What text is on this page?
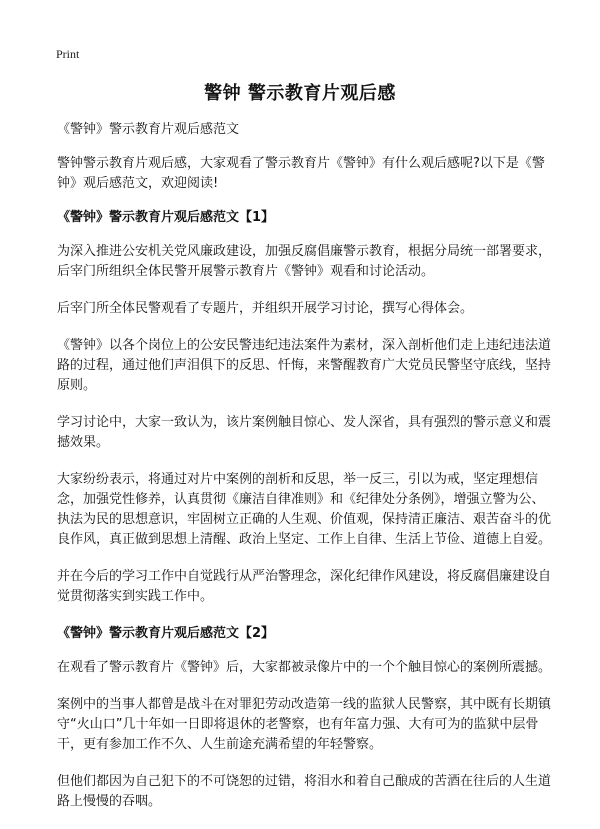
Print
警钟 警示教育片观后感

《警钟》警示教育片观后感范文

警钟警示教育片观后感，大家观看了警示教育片《警钟》有什么观后感呢?以下是《警钟》观后感范文，欢迎阅读!

《警钟》警示教育片观后感范文【1】

为深入推进公安机关党风廉政建设，加强反腐倡廉警示教育，根据分局统一部署要求，后宰门所组织全体民警开展警示教育片《警钟》观看和讨论活动。

后宰门所全体民警观看了专题片，并组织开展学习讨论，撰写心得体会。

《警钟》以各个岗位上的公安民警违纪违法案件为素材，深入剖析他们走上违纪违法道路的过程，通过他们声泪俱下的反思、忏悔，来警醒教育广大党员民警坚守底线，坚持原则。

学习讨论中，大家一致认为，该片案例触目惊心、发人深省，具有强烈的警示意义和震撼效果。

大家纷纷表示，将通过对片中案例的剖析和反思，举一反三，引以为戒，坚定理想信念，加强党性修养，认真贯彻《廉洁自律准则》和《纪律处分条例》，增强立警为公、执法为民的思想意识，牢固树立正确的人生观、价值观，保持清正廉洁、艰苦奋斗的优良作风，真正做到思想上清醒、政治上坚定、工作上自律、生活上节俭、道德上自爱。

并在今后的学习工作中自觉践行从严治警理念，深化纪律作风建设，将反腐倡廉建设自觉贯彻落实到实践工作中。

《警钟》警示教育片观后感范文【2】

在观看了警示教育片《警钟》后，大家都被录像片中的一个个触目惊心的案例所震撼。

案例中的当事人都曾是战斗在对罪犯劳动改造第一线的监狱人民警察，其中既有长期镇守“火山口”几十年如一日即将退休的老警察，也有年富力强、大有可为的监狱中层骨干，更有参加工作不久、人生前途充满希望的年轻警察。

但他们都因为自己犯下的不可饶恕的过错，将泪水和着自己酿成的苦酒在往后的人生道路上慢慢的吞咽。
